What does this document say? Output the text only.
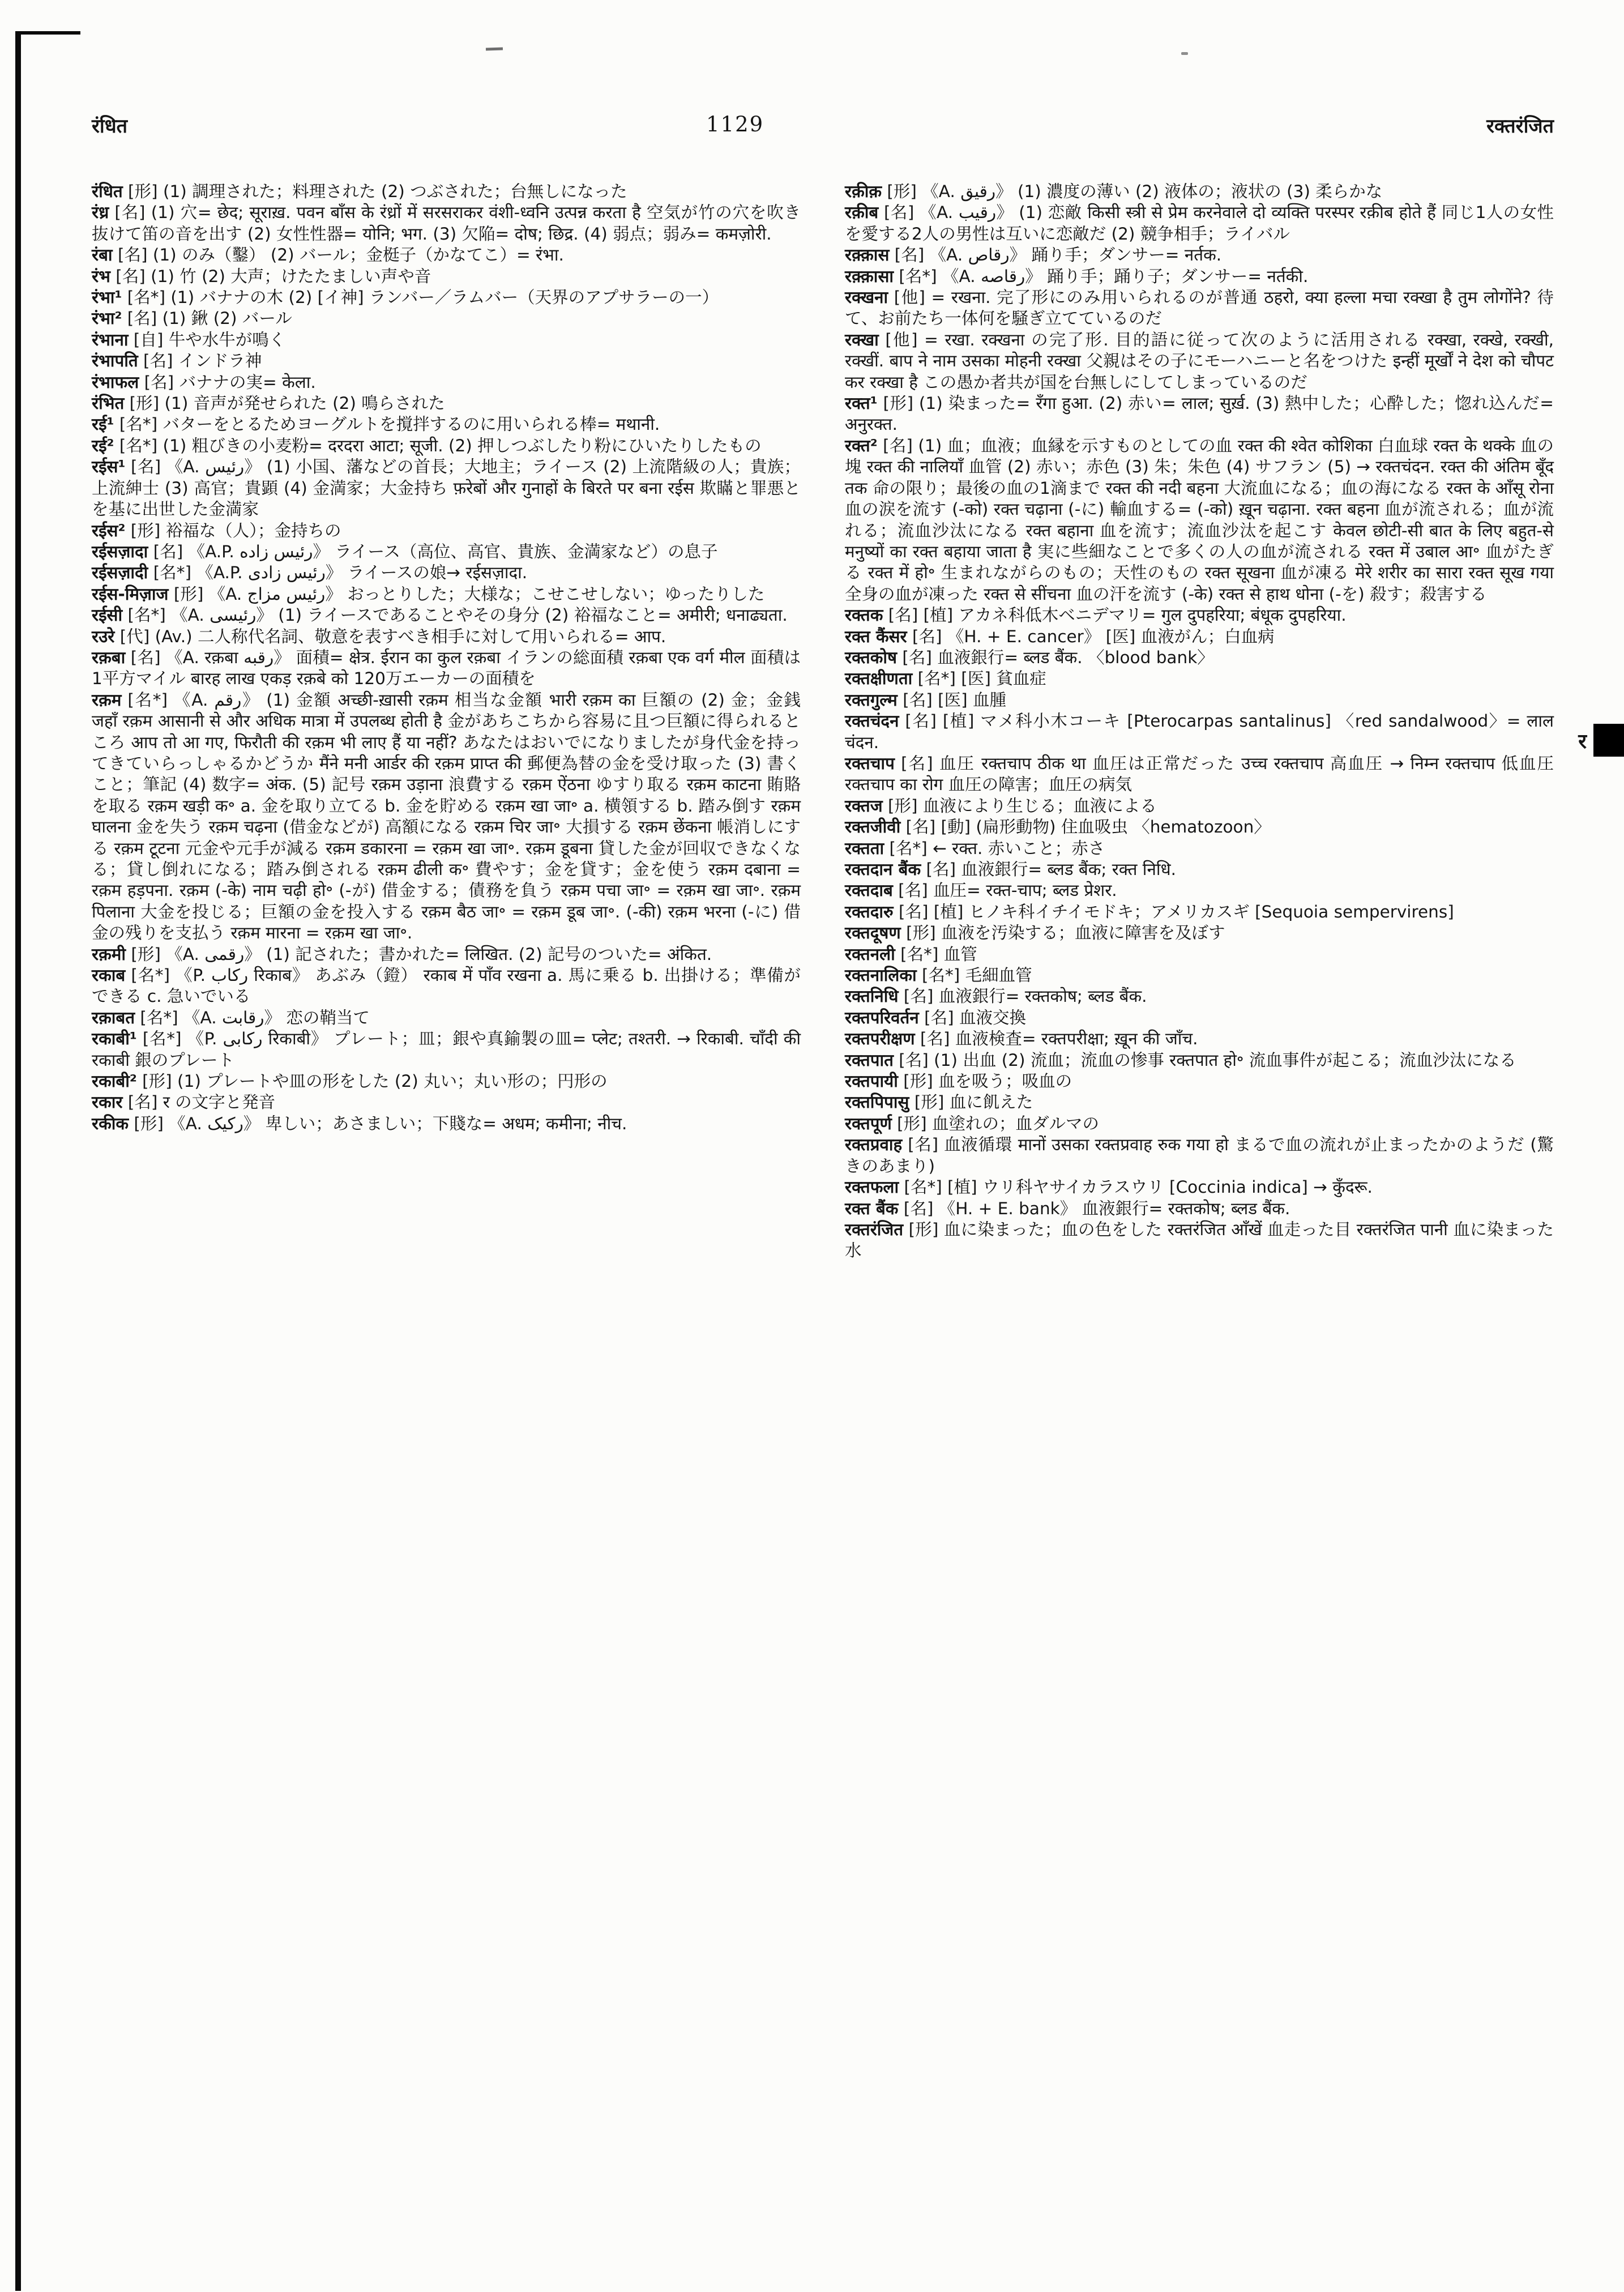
रंधित	1129	रक्तरंजित

रंधित [形] (1) 調理された；料理された (2) つぶされた；台無しになった

रंध्र [名] (1) 穴= छेद; सूराख़. पवन बाँस के रंध्रों में सरसराकर वंशी-ध्वनि उत्पन्न करता है 空気が竹の穴を吹き抜けて笛の音を出す (2) 女性性器= योनि; भग. (3) 欠陥= दोष; छिद्र. (4) 弱点；弱み= कमज़ोरी.

रंबा [名] (1) のみ（鑿） (2) バール；金梃子（かなてこ）= रंभा.

रंभ [名] (1) 竹 (2) 大声；けたたましい声や音

रंभा¹ [名*] (1) バナナの木 (2) [イ神] ランバー／ラムバー（天界のアプサラーの一）

रंभा² [名] (1) 鍬 (2) バール

रंभाना [自] 牛や水牛が鳴く

रंभापति [名] インドラ神

रंभाफल [名] バナナの実= केला.

रंभित [形] (1) 音声が発せられた (2) 鳴らされた

रई¹ [名*] バターをとるためヨーグルトを撹拌するのに用いられる棒= मथानी.

रई² [名*] (1) 粗びきの小麦粉= दरदरा आटा; सूजी. (2) 押しつぶしたり粉にひいたりしたもの

रईस¹ [名] 《A. رئيس》 (1) 小国、藩などの首長；大地主；ライース (2) 上流階級の人；貴族；上流紳士 (3) 高官；貴顕 (4) 金満家；大金持ち फ़रेबों और गुनाहों के बिरते पर बना रईस 欺瞞と罪悪とを基に出世した金満家

रईस² [形] 裕福な（人）；金持ちの

रईसज़ादा [名] 《A.P. رئيس زاده》 ライース（高位、高官、貴族、金満家など）の息子

रईसज़ादी [名*] 《A.P. رئيس زادى》 ライースの娘→ रईसज़ादा.

रईस-मिज़ाज [形] 《A. رئيس مزاج》 おっとりした；大様な；こせこせしない；ゆったりした

रईसी [名*] 《A. رئيسى》 (1) ライースであることやその身分 (2) 裕福なこと= अमीरी; धनाढ्यता.

रउरे [代] (Av.) 二人称代名詞、敬意を表すべき相手に対して用いられる= आप.

रक़बा [名] 《A. रक़बा رقبه》 面積= क्षेत्र. ईरान का कुल रक़बा イランの総面積 रक़बा एक वर्ग मील 面積は1平方マイル बारह लाख एकड़ रक़बे को 120万エーカーの面積を

रक़म [名*] 《A. رقم》 (1) 金額 अच्छी-ख़ासी रक़म 相当な金額 भारी रक़म का 巨額の (2) 金；金銭 जहाँ रक़म आसानी से और अधिक मात्रा में उपलब्ध होती है 金があちこちから容易に且つ巨額に得られるところ आप तो आ गए, फिरौती की रक़म भी लाए हैं या नहीं? あなたはおいでになりましたが身代金を持ってきていらっしゃるかどうか मैंने मनी आर्डर की रक़म प्राप्त की 郵便為替の金を受け取った (3) 書くこと；筆記 (4) 数字= अंक. (5) 記号 रक़म उड़ाना 浪費する रक़म ऐंठना ゆすり取る रक़म काटना 賄賂を取る रक़म खड़ी क॰ a. 金を取り立てる b. 金を貯める रक़म खा जा॰ a. 横領する b. 踏み倒す रक़म घालना 金を失う रक़म चढ़ना (借金などが) 高額になる रक़म चिर जा॰ 大損する रक़म छेंकना 帳消しにする रक़म टूटना 元金や元手が減る रक़म डकारना = रक़म खा जा॰. रक़म डूबना 貸した金が回収できなくなる；貸し倒れになる；踏み倒される रक़म ढीली क॰ 費やす；金を貸す；金を使う रक़म दबाना = रक़म हड़पना. रक़म (-के) नाम चढ़ी हो॰ (-が) 借金する；債務を負う रक़म पचा जा॰ = रक़म खा जा॰. रक़म पिलाना 大金を投じる；巨額の金を投入する रक़म बैठ जा॰ = रक़म डूब जा॰. (-की) रक़म भरना (-に) 借金の残りを支払う रक़म मारना = रक़म खा जा॰.

रक़मी [形] 《A. رقمى》 (1) 記された；書かれた= लिखित. (2) 記号のついた= अंकित.

रकाब [名*] 《P. رکاب रिकाब》 あぶみ（鐙） रकाब में पाँव रखना a. 馬に乗る b. 出掛ける；準備ができる c. 急いでいる

रक़ाबत [名*] 《A. رقابت》 恋の鞘当て

रकाबी¹ [名*] 《P. رکابی रिकाबी》 プレート；皿；銀や真鍮製の皿= प्लेट; तश्तरी. → रिकाबी. चाँदी की रकाबी 銀のプレート

रकाबी² [形] (1) プレートや皿の形をした (2) 丸い；丸い形の；円形の

रकार [名] र の文字と発音

रकीक [形] 《A. رکیک》 卑しい；あさましい；下賤な= अधम; कमीना; नीच.

रक़ीक़ [形] 《A. رقیق》 (1) 濃度の薄い (2) 液体の；液状の (3) 柔らかな

रक़ीब [名] 《A. رقیب》 (1) 恋敵 किसी स्त्री से प्रेम करनेवाले दो व्यक्ति परस्पर रक़ीब होते हैं 同じ1人の女性を愛する2人の男性は互いに恋敵だ (2) 競争相手；ライバル

रक़्क़ास [名] 《A. رقاص》 踊り手；ダンサー= नर्तक.

रक़्क़ासा [名*] 《A. رقاصه》 踊り手；踊り子；ダンサー= नर्तकी.

रक्खना [他] = रखना. 完了形にのみ用いられるのが普通 ठहरो, क्या हल्ला मचा रक्खा है तुम लोगोंने? 待て、お前たち一体何を騒ぎ立てているのだ

रक्खा [他] = रखा. रक्खना の完了形. 目的語に従って次のように活用される रक्खा, रक्खे, रक्खी, रक्खीं. बाप ने नाम उसका मोहनी रक्खा 父親はその子にモーハニーと名をつけた इन्हीं मूर्खों ने देश को चौपट कर रक्खा है この愚か者共が国を台無しにしてしまっているのだ

रक्त¹ [形] (1) 染まった= रँगा हुआ. (2) 赤い= लाल; सुर्ख़. (3) 熱中した；心酔した；惚れ込んだ= अनुरक्त.

रक्त² [名] (1) 血；血液；血縁を示すものとしての血 रक्त की श्वेत कोशिका 白血球 रक्त के थक्के 血の塊 रक्त की नालियाँ 血管 (2) 赤い；赤色 (3) 朱；朱色 (4) サフラン (5) → रक्तचंदन. रक्त की अंतिम बूँद तक 命の限り；最後の血の1滴まで रक्त की नदी बहना 大流血になる；血の海になる रक्त के आँसू रोना 血の涙を流す (-को) रक्त चढ़ाना (-に) 輸血する= (-को) ख़ून चढ़ाना. रक्त बहना 血が流される；血が流れる；流血沙汰になる रक्त बहाना 血を流す；流血沙汰を起こす केवल छोटी-सी बात के लिए बहुत-से मनुष्यों का रक्त बहाया जाता है 実に些細なことで多くの人の血が流される रक्त में उबाल आ॰ 血がたぎる रक्त में हो॰ 生まれながらのもの；天性のもの रक्त सूखना 血が凍る मेरे शरीर का सारा रक्त सूख गया 全身の血が凍った रक्त से सींचना 血の汗を流す (-के) रक्त से हाथ धोना (-を) 殺す；殺害する

रक्तक [名] [植] アカネ科低木ベニデマリ= गुल दुपहरिया; बंधूक दुपहरिया.

रक्त कैंसर [名] 《H. + E. cancer》 [医] 血液がん；白血病

रक्तकोष [名] 血液銀行= ब्लड बैंक. 〈blood bank〉

रक्तक्षीणता [名*] [医] 貧血症

रक्तगुल्म [名] [医] 血腫

रक्तचंदन [名] [植] マメ科小木コーキ [Pterocarpas santalinus] 〈red sandalwood〉= लाल चंदन.

रक्तचाप [名] 血圧 रक्तचाप ठीक था 血圧は正常だった उच्च रक्तचाप 高血圧 → निम्न रक्तचाप 低血圧 रक्तचाप का रोग 血圧の障害；血圧の病気

रक्तज [形] 血液により生じる；血液による

रक्तजीवी [名] [動] (扁形動物) 住血吸虫 〈hematozoon〉

रक्तता [名*] ← रक्त. 赤いこと；赤さ

रक्तदान बैंक [名] 血液銀行= ब्लड बैंक; रक्त निधि.

रक्तदाब [名] 血圧= रक्त-चाप; ब्लड प्रेशर.

रक्तदारु [名] [植] ヒノキ科イチイモドキ；アメリカスギ [Sequoia sempervirens]

रक्तदूषण [形] 血液を汚染する；血液に障害を及ぼす

रक्तनली [名*] 血管

रक्तनालिका [名*] 毛細血管

रक्तनिधि [名] 血液銀行= रक्तकोष; ब्लड बैंक.

रक्तपरिवर्तन [名] 血液交換

रक्तपरीक्षण [名] 血液検査= रक्तपरीक्षा; ख़ून की जाँच.

रक्तपात [名] (1) 出血 (2) 流血；流血の惨事 रक्तपात हो॰ 流血事件が起こる；流血沙汰になる

रक्तपायी [形] 血を吸う；吸血の

रक्तपिपासु [形] 血に飢えた

रक्तपूर्ण [形] 血塗れの；血ダルマの

रक्तप्रवाह [名] 血液循環 मानों उसका रक्तप्रवाह रुक गया हो まるで血の流れが止まったかのようだ (驚きのあまり)

रक्तफला [名*] [植] ウリ科ヤサイカラスウリ [Coccinia indica] → कुँदरू.

रक्त बैंक [名] 《H. + E. bank》 血液銀行= रक्तकोष; ब्लड बैंक.

रक्तरंजित [形] 血に染まった；血の色をした रक्तरंजित आँखें 血走った目 रक्तरंजित पानी 血に染まった水

र
